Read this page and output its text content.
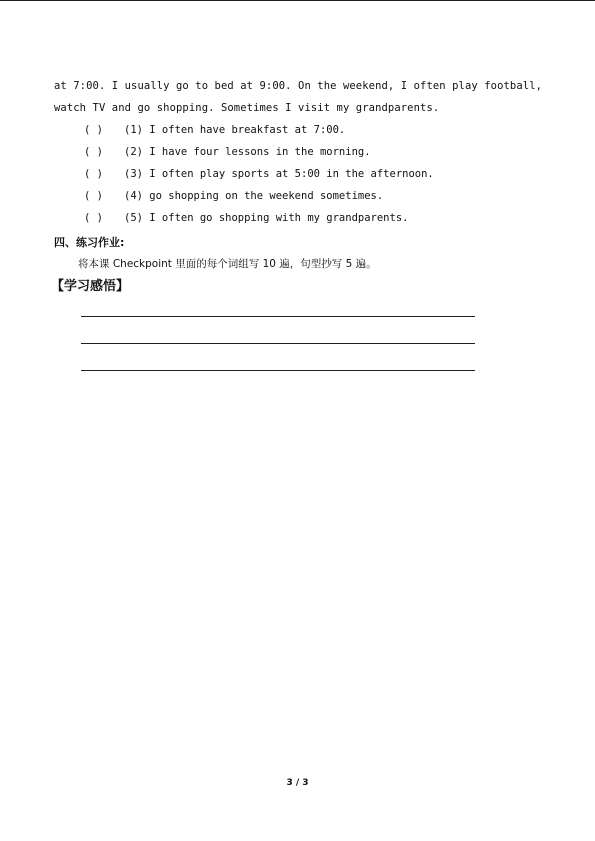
at 7:00. I usually go to bed at 9:00. On the weekend, I often play football,
watch TV and go shopping. Sometimes I visit my grandparents.
( ) (1) I often have breakfast at 7:00.
( ) (2) I have four lessons in the morning.
( ) (3) I often play sports at 5:00 in the afternoon.
( ) (4) go shopping on the weekend sometimes.
( ) (5) I often go shopping with my grandparents.
四、练习作业:
将本课 Checkpoint 里面的每个词组写 10 遍，句型抄写 5 遍。
【学习感悟】
3 / 3
